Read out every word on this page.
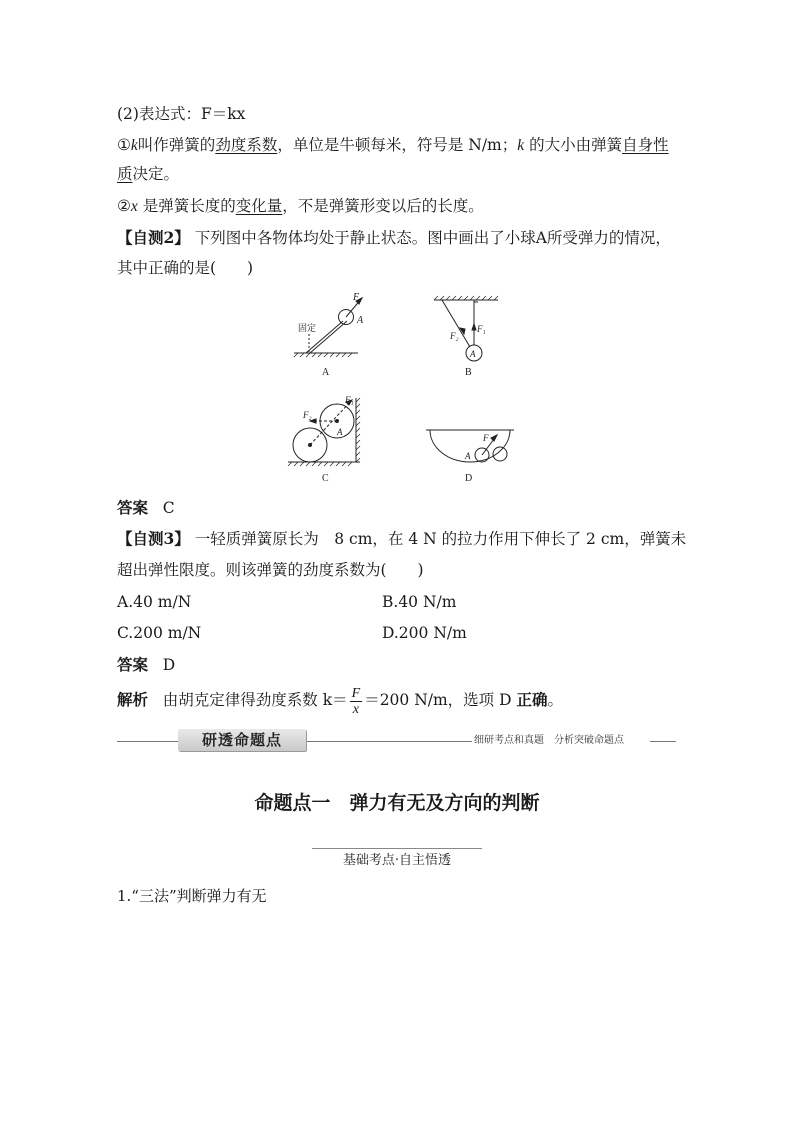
(2)表达式：F＝kx
①k叫作弹簧的劲度系数，单位是牛顿每米，符号是 N/m；k 的大小由弹簧自身性
质决定。
②x 是弹簧长度的变化量，不是弹簧形变以后的长度。
【自测2】 下列图中各物体均处于静止状态。图中画出了小球A所受弹力的情况，
其中正确的是(　　)
A	B
C	D
固定
F
A
F₁
F₂
A
F₂
F₁
A
F
A
答案 C
【自测3】 一轻质弹簧原长为　8 cm，在 4 N 的拉力作用下伸长了 2 cm，弹簧未
超出弹性限度。则该弹簧的劲度系数为(　　)
A.40 m/N	B.40 N/m
C.200 m/N	D.200 N/m
答案 D
解析 由胡克定律得劲度系数 $k= \frac{F}{x} =200$ N/m，选项 D 正确。
研透命题点	细研考点和真题　分析突破命题点
命题点一　弹力有无及方向的判断
基础考点·自主悟透
1.“三法”判断弹力有无
